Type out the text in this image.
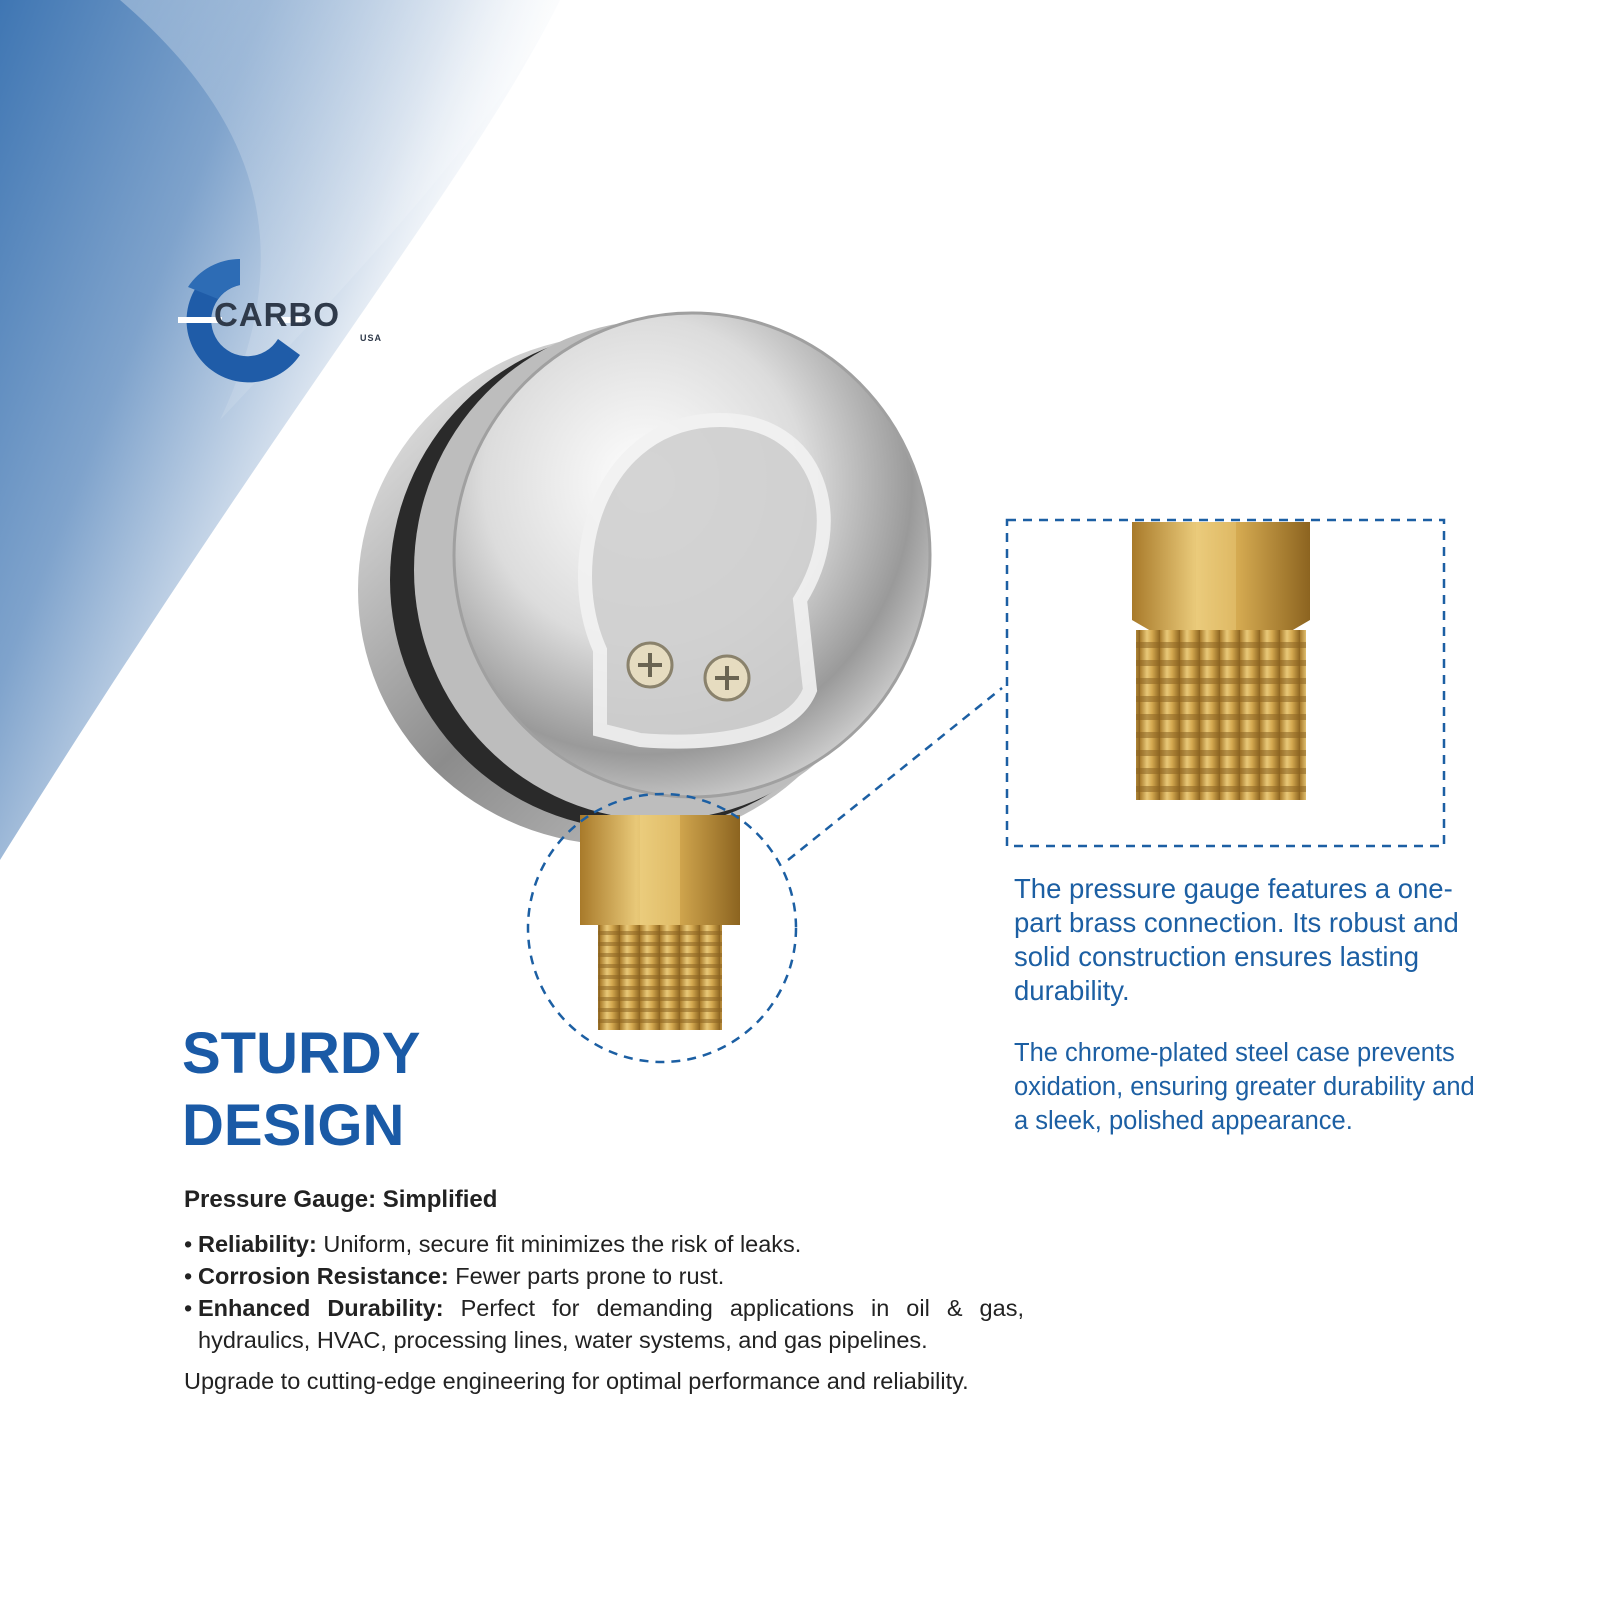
CARBO
USA
STURDY
DESIGN
Pressure Gauge: Simplified
• Reliability: Uniform, secure fit minimizes the risk of leaks.
• Corrosion Resistance: Fewer parts prone to rust.
• Enhanced Durability: Perfect for demanding applications in oil & gas, hydraulics, HVAC, processing lines, water systems, and gas pipelines.

Upgrade to cutting-edge engineering for optimal performance and reliability.

The pressure gauge features a one-part brass connection. Its robust and solid construction ensures lasting durability.

The chrome-plated steel case prevents oxidation, ensuring greater durability and a sleek, polished appearance.
